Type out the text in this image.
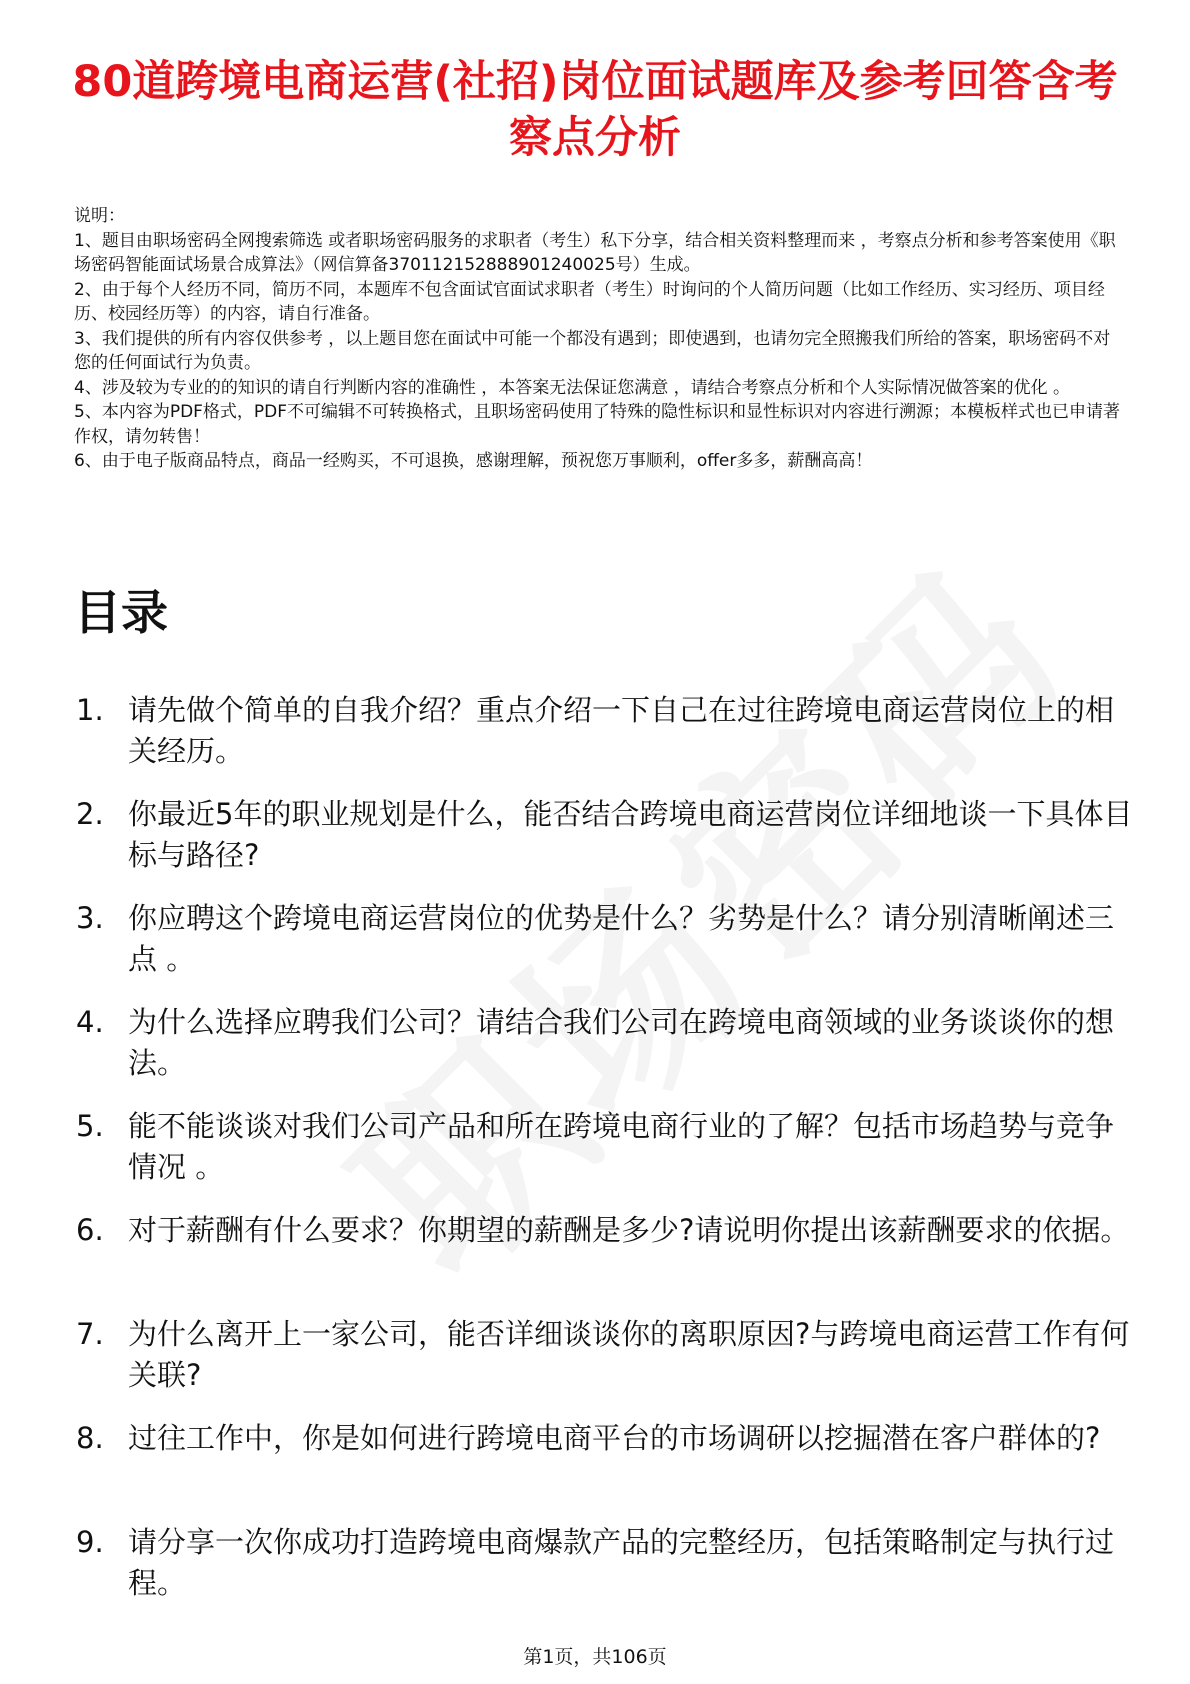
80道跨境电商运营(社招)岗位面试题库及参考回答含考察点分析
说明：
1、题目由职场密码全网搜索筛选 或者职场密码服务的求职者（考生）私下分享，结合相关资料整理而来 ，考察点分析和参考答案使用《职场密码智能面试场景合成算法》（网信算备370112152888901240025号）生成。
2、由于每个人经历不同，简历不同，本题库不包含面试官面试求职者（考生）时询问的个人简历问题（比如工作经历、实习经历、项目经历、校园经历等）的内容，请自行准备。
3、我们提供的所有内容仅供参考 ，以上题目您在面试中可能一个都没有遇到；即使遇到，也请勿完全照搬我们所给的答案，职场密码不对您的任何面试行为负责。
4、涉及较为专业的的知识的请自行判断内容的准确性 ，本答案无法保证您满意 ，请结合考察点分析和个人实际情况做答案的优化 。
5、本内容为PDF格式，PDF不可编辑不可转换格式，且职场密码使用了特殊的隐性标识和显性标识对内容进行溯源；本模板样式也已申请著作权，请勿转售！
6、由于电子版商品特点，商品一经购买，不可退换，感谢理解，预祝您万事顺利，offer多多，薪酬高高！
目录
1. 请先做个简单的自我介绍？重点介绍一下自己在过往跨境电商运营岗位上的相关经历。
2. 你最近5年的职业规划是什么，能否结合跨境电商运营岗位详细地谈一下具体目标与路径?
3. 你应聘这个跨境电商运营岗位的优势是什么？劣势是什么？请分别清晰阐述三点 。
4. 为什么选择应聘我们公司？请结合我们公司在跨境电商领域的业务谈谈你的想法。
5. 能不能谈谈对我们公司产品和所在跨境电商行业的了解？包括市场趋势与竞争情况 。
6. 对于薪酬有什么要求？你期望的薪酬是多少?请说明你提出该薪酬要求的依据。
7. 为什么离开上一家公司，能否详细谈谈你的离职原因?与跨境电商运营工作有何关联?
8. 过往工作中，你是如何进行跨境电商平台的市场调研以挖掘潜在客户群体的?
9. 请分享一次你成功打造跨境电商爆款产品的完整经历，包括策略制定与执行过程。
第1页，共106页
